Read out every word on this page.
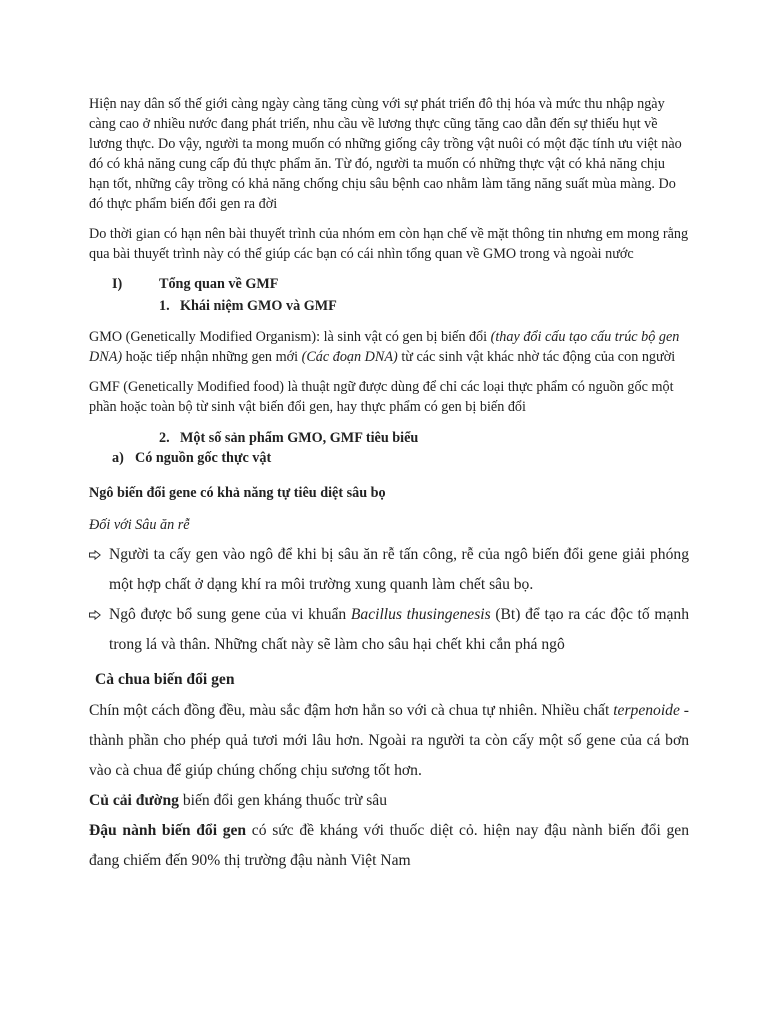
Hiện nay dân số thế giới càng ngày càng tăng cùng với sự phát triển đô thị hóa và mức thu nhập ngày càng cao ở nhiều nước đang phát triển, nhu cầu về lương thực cũng tăng cao dẫn đến sự thiếu hụt về lương thực. Do vậy, người ta mong muốn có những giống cây trồng vật nuôi có một đặc tính ưu việt nào đó có khả năng cung cấp đủ thực phẩm ăn. Từ đó, người ta muốn có những thực vật có khả năng chịu hạn tốt, những cây trồng có khả năng chống chịu sâu bệnh cao nhằm làm tăng năng suất mùa màng. Do đó thực phẩm biến đổi gen ra đời

Do thời gian có hạn nên bài thuyết trình của nhóm em còn hạn chế về mặt thông tin nhưng em mong rằng qua bài thuyết trình này có thể giúp các bạn có cái nhìn tổng quan về GMO trong và ngoài nước

I)	Tổng quan về GMF
1. Khái niệm GMO và GMF

GMO (Genetically Modified Organism): là sinh vật có gen bị biến đổi (thay đổi cấu tạo cấu trúc bộ gen DNA) hoặc tiếp nhận những gen mới (Các đoạn DNA) từ các sinh vật khác nhờ tác động của con người

GMF (Genetically Modified food) là thuật ngữ được dùng để chỉ các loại thực phẩm có nguồn gốc một phần hoặc toàn bộ từ sinh vật biến đổi gen, hay thực phẩm có gen bị biến đổi

2. Một số sản phẩm GMO, GMF tiêu biểu
a) Có nguồn gốc thực vật

Ngô biến đổi gene có khả năng tự tiêu diệt sâu bọ

Đối với Sâu ăn rễ

Người ta cấy gen vào ngô để khi bị sâu ăn rễ tấn công, rễ của ngô biến đổi gene giải phóng một hợp chất ở dạng khí ra môi trường xung quanh làm chết sâu bọ.
Ngô được bổ sung gene của vi khuẩn Bacillus thusingenesis (Bt) để tạo ra các độc tố mạnh trong lá và thân. Những chất này sẽ làm cho sâu hại chết khi cắn phá ngô

Cà chua biến đổi gen

Chín một cách đồng đều, màu sắc đậm hơn hẳn so với cà chua tự nhiên. Nhiều chất terpenoide - thành phần cho phép quả tươi mới lâu hơn. Ngoài ra người ta còn cấy một số gene của cá bơn vào cà chua để giúp chúng chống chịu sương tốt hơn.

Củ cải đường biến đổi gen kháng thuốc trừ sâu

Đậu nành biến đổi gen có sức đề kháng với thuốc diệt cỏ. hiện nay đậu nành biến đổi gen đang chiếm đến 90% thị trường đậu nành Việt Nam
